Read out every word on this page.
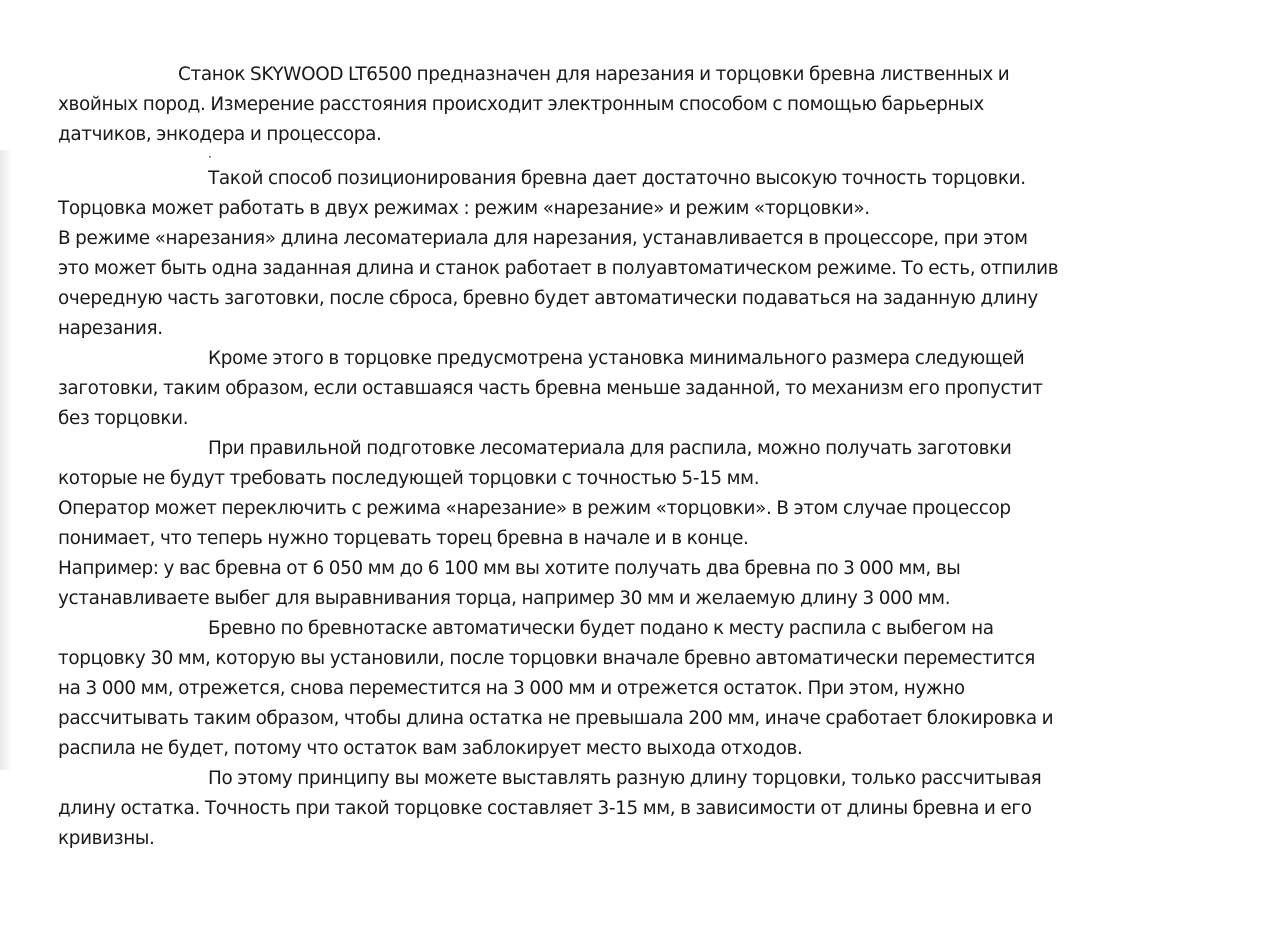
Станок SKYWOOD LT6500 предназначен для нарезания и торцовки бревна лиственных и
хвойных пород. Измерение расстояния происходит электронным способом с помощью барьерных
датчиков, энкодера и процессора.

·

Такой способ позиционирования бревна дает достаточно высокую точность торцовки.
Торцовка может работать в двух режимах : режим «нарезание» и режим «торцовки».
В режиме «нарезания» длина лесоматериала для нарезания, устанавливается в процессоре, при этом
это может быть одна заданная длина и станок работает в полуавтоматическом режиме. То есть, отпилив
очередную часть заготовки, после сброса, бревно будет автоматически подаваться на заданную длину
нарезания.

Кроме этого в торцовке предусмотрена установка минимального размера следующей
заготовки, таким образом, если оставшаяся часть бревна меньше заданной, то механизм его пропустит
без торцовки.

При правильной подготовке лесоматериала для распила, можно получать заготовки
которые не будут требовать последующей торцовки с точностью 5-15 мм.
Оператор может переключить с режима «нарезание» в режим «торцовки». В этом случае процессор
понимает, что теперь нужно торцевать торец бревна в начале и в конце.
Например: у вас бревна от 6 050 мм до 6 100 мм вы хотите получать два бревна по 3 000 мм, вы
устанавливаете выбег для выравнивания торца, например 30 мм и желаемую длину 3 000 мм.

Бревно по бревнотаске автоматически будет подано к месту распила с выбегом на
торцовку 30 мм, которую вы установили, после торцовки вначале бревно автоматически переместится
на 3 000 мм, отрежется, снова переместится на 3 000 мм и отрежется остаток. При этом, нужно
рассчитывать таким образом, чтобы длина остатка не превышала 200 мм, иначе сработает блокировка и
распила не будет, потому что остаток вам заблокирует место выхода отходов.

По этому принципу вы можете выставлять разную длину торцовки, только рассчитывая
длину остатка. Точность при такой торцовке составляет 3-15 мм, в зависимости от длины бревна и его
кривизны.
